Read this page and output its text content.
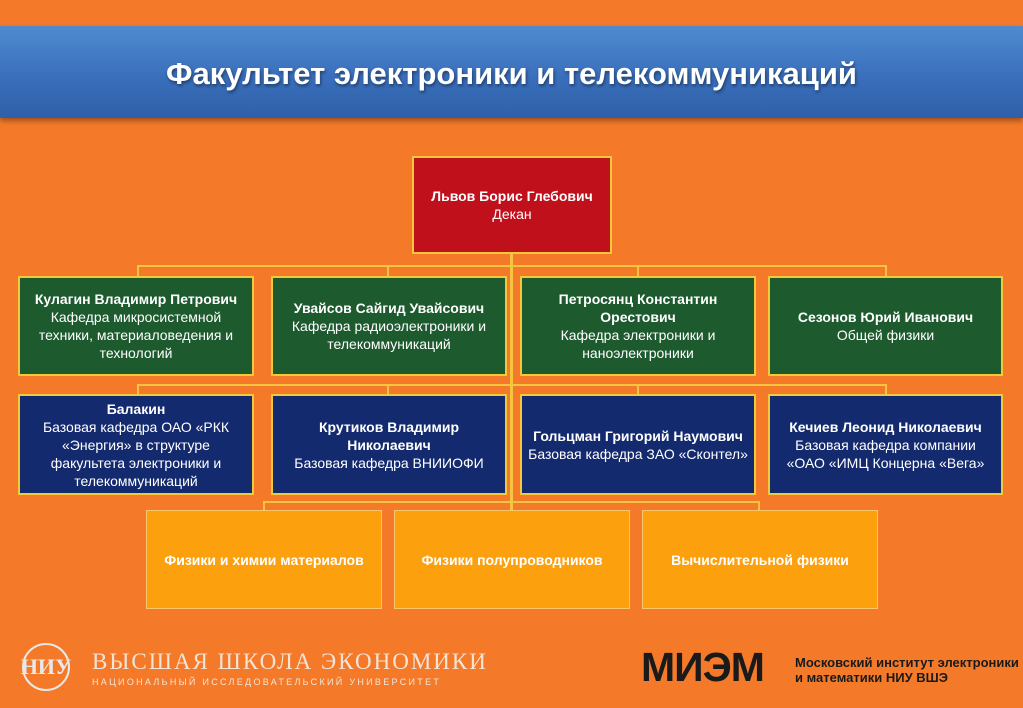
Факультет электроники и телекоммуникаций
Львов Борис Глебович
Декан
Кулагин Владимир Петрович
Кафедра микросистемной техники, материаловедения и технологий
Увайсов Сайгид Увайсович
Кафедра радиоэлектроники и телекоммуникаций
Петросянц Константин Орестович
Кафедра электроники и наноэлектроники
Сезонов Юрий Иванович
Общей физики
Балакин
Базовая кафедра ОАО «РКК «Энергия» в структуре факультета электроники и телекоммуникаций
Крутиков Владимир Николаевич
Базовая кафедра ВНИИОФИ
Гольцман Григорий Наумович
Базовая кафедра ЗАО «Сконтел»
Кечиев Леонид Николаевич
Базовая кафедра компании «ОАО «ИМЦ Концерна «Вега»
Физики и химии материалов	Физики полупроводников	Вычислительной физики
НИУ ВЫСШАЯ ШКОЛА ЭКОНОМИКИ
НАЦИОНАЛЬНЫЙ ИССЛЕДОВАТЕЛЬСКИЙ УНИВЕРСИТЕТ	МИЭМ	Московский институт электроники и математики НИУ ВШЭ
